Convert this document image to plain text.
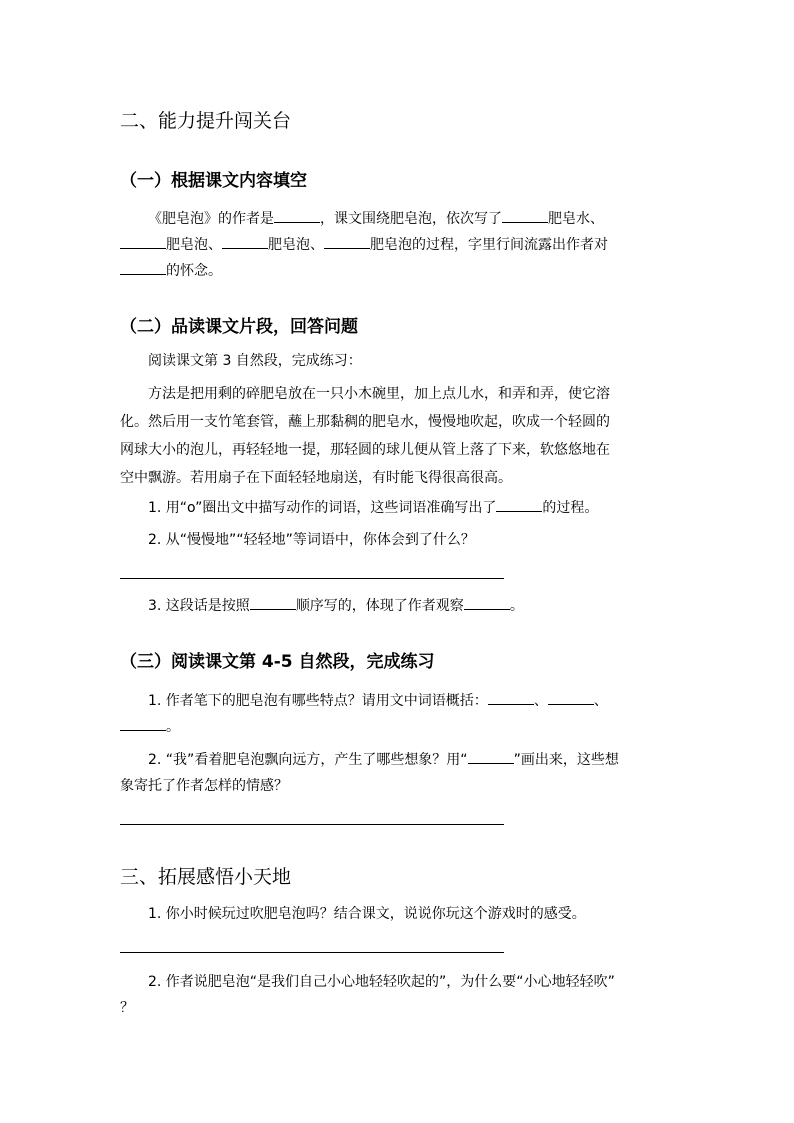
二、能力提升闯关台
（一）根据课文内容填空
《肥皂泡》的作者是	，课文围绕肥皂泡，依次写了	肥皂水、
肥皂泡、	肥皂泡、	肥皂泡的过程，字里行间流露出作者对
的怀念。
（二）品读课文片段，回答问题
阅读课文第 3 自然段，完成练习：
方法是把用剩的碎肥皂放在一只小木碗里，加上点儿水，和弄和弄，使它溶
化。然后用一支竹笔套管，蘸上那黏稠的肥皂水，慢慢地吹起，吹成一个轻圆的
网球大小的泡儿，再轻轻地一提，那轻圆的球儿便从管上落了下来，软悠悠地在
空中飘游。若用扇子在下面轻轻地扇送，有时能飞得很高很高。
1. 用“o”圈出文中描写动作的词语，这些词语准确写出了	的过程。
2. 从“慢慢地”“轻轻地”等词语中，你体会到了什么？
3. 这段话是按照	顺序写的，体现了作者观察	。
（三）阅读课文第 4-5 自然段，完成练习
1. 作者笔下的肥皂泡有哪些特点？请用文中词语概括：	、	、
。
2. “我”看着肥皂泡飘向远方，产生了哪些想象？用“	”画出来，这些想
象寄托了作者怎样的情感？
三、拓展感悟小天地
1. 你小时候玩过吹肥皂泡吗？结合课文，说说你玩这个游戏时的感受。
2. 作者说肥皂泡“是我们自己小心地轻轻吹起的”，为什么要“小心地轻轻吹”
？
